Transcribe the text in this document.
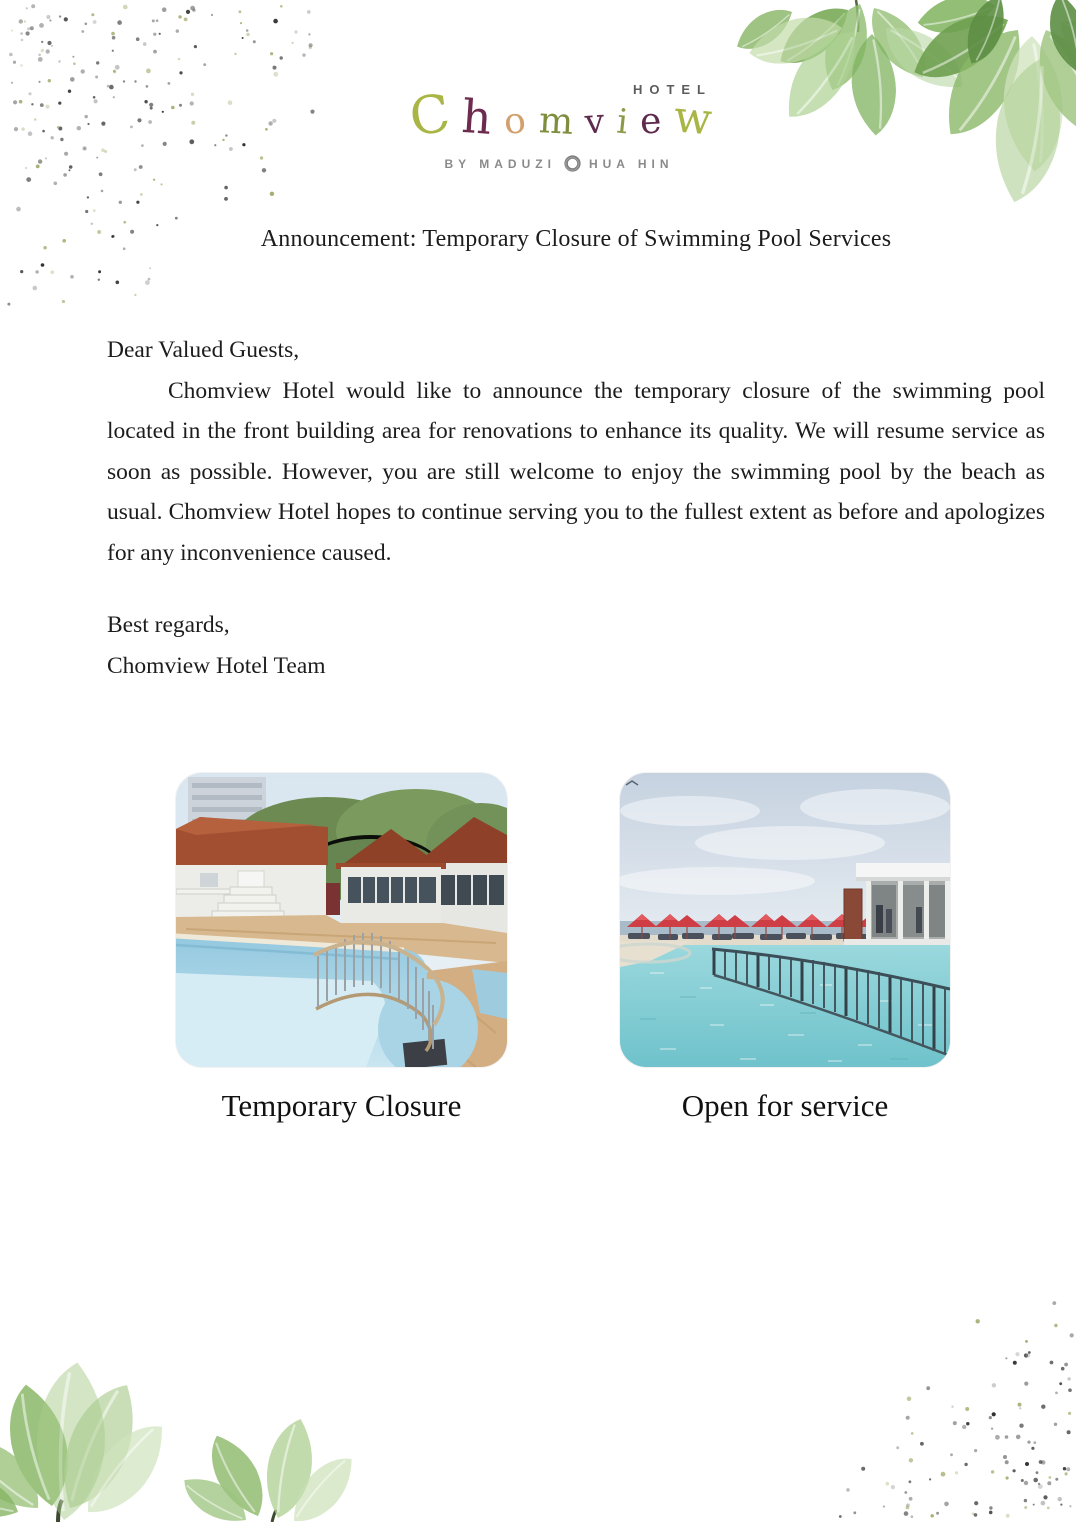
HOTEL
C h o m v i e w
BY MADUZI	HUA HIN
Announcement: Temporary Closure of Swimming Pool Services

Dear Valued Guests,

Chomview Hotel would like to announce the temporary closure of the swimming pool located in the front building area for renovations to enhance its quality. We will resume service as soon as possible. However, you are still welcome to enjoy the swimming pool by the beach as usual. Chomview Hotel hopes to continue serving you to the fullest extent as before and apologizes for any inconvenience caused.

Best regards,
Chomview Hotel Team
Temporary Closure	Open for service
